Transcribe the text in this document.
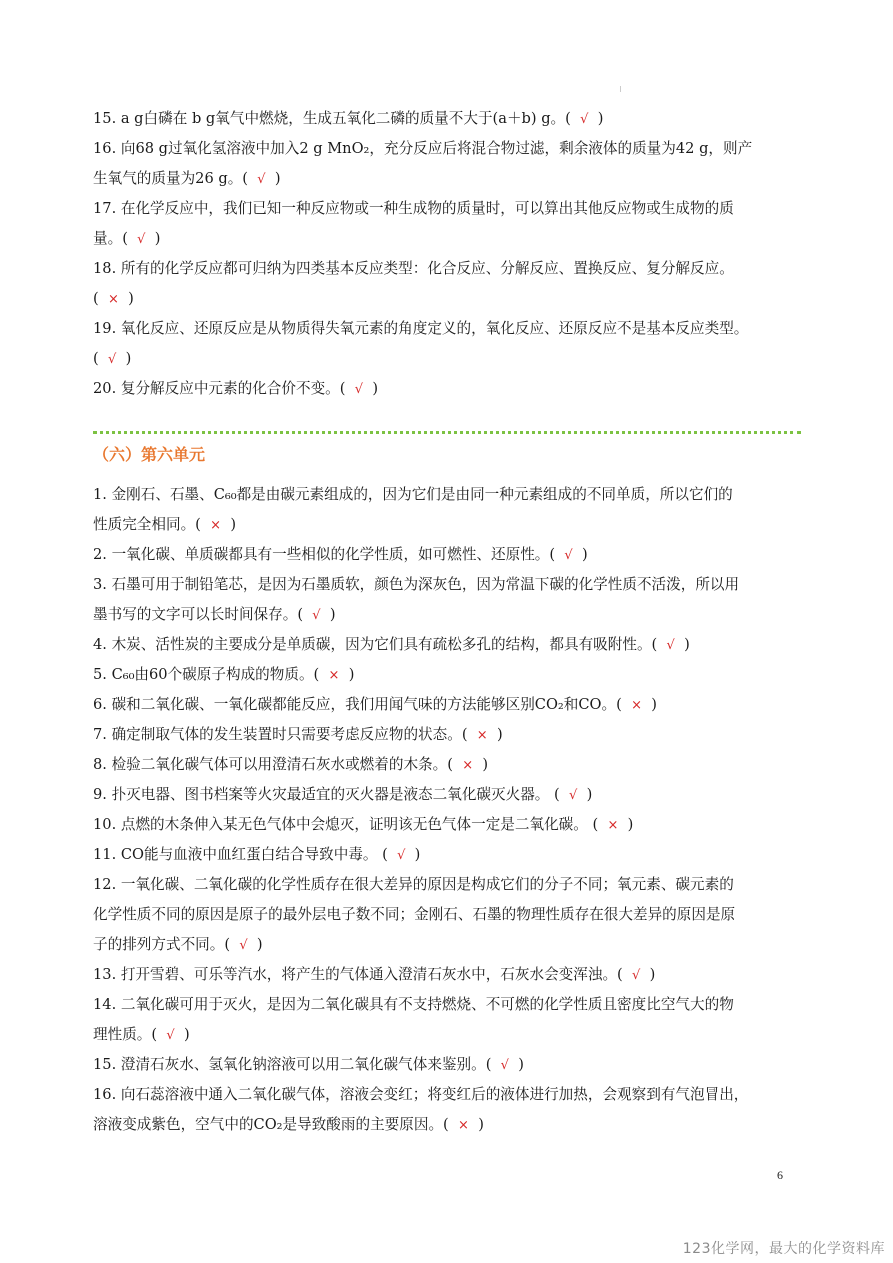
15. a g白磷在 b g氧气中燃烧，生成五氧化二磷的质量不大于(a＋b) g。( √ )
16. 向68 g过氧化氢溶液中加入2 g MnO₂，充分反应后将混合物过滤，剩余液体的质量为42 g，则产
生氧气的质量为26 g。( √ )
17. 在化学反应中，我们已知一种反应物或一种生成物的质量时，可以算出其他反应物或生成物的质
量。( √ )
18. 所有的化学反应都可归纳为四类基本反应类型：化合反应、分解反应、置换反应、复分解反应。
( × )
19. 氧化反应、还原反应是从物质得失氧元素的角度定义的，氧化反应、还原反应不是基本反应类型。
( √ )
20. 复分解反应中元素的化合价不变。( √ )
（六）第六单元
1. 金刚石、石墨、C₆₀都是由碳元素组成的，因为它们是由同一种元素组成的不同单质，所以它们的
性质完全相同。( × )
2. 一氧化碳、单质碳都具有一些相似的化学性质，如可燃性、还原性。( √ )
3. 石墨可用于制铅笔芯，是因为石墨质软，颜色为深灰色，因为常温下碳的化学性质不活泼，所以用
墨书写的文字可以长时间保存。( √ )
4. 木炭、活性炭的主要成分是单质碳，因为它们具有疏松多孔的结构，都具有吸附性。( √ )
5. C₆₀由60个碳原子构成的物质。( × )
6. 碳和二氧化碳、一氧化碳都能反应，我们用闻气味的方法能够区别CO₂和CO。( × )
7. 确定制取气体的发生装置时只需要考虑反应物的状态。( × )
8. 检验二氧化碳气体可以用澄清石灰水或燃着的木条。( × )
9. 扑灭电器、图书档案等火灾最适宜的灭火器是液态二氧化碳灭火器。 ( √ )
10. 点燃的木条伸入某无色气体中会熄灭，证明该无色气体一定是二氧化碳。 ( × )
11. CO能与血液中血红蛋白结合导致中毒。 ( √ )
12. 一氧化碳、二氧化碳的化学性质存在很大差异的原因是构成它们的分子不同；氧元素、碳元素的
化学性质不同的原因是原子的最外层电子数不同；金刚石、石墨的物理性质存在很大差异的原因是原
子的排列方式不同。( √ )
13. 打开雪碧、可乐等汽水，将产生的气体通入澄清石灰水中，石灰水会变浑浊。( √ )
14. 二氧化碳可用于灭火，是因为二氧化碳具有不支持燃烧、不可燃的化学性质且密度比空气大的物
理性质。( √ )
15. 澄清石灰水、氢氧化钠溶液可以用二氧化碳气体来鉴别。( √ )
16. 向石蕊溶液中通入二氧化碳气体，溶液会变红；将变红后的液体进行加热，会观察到有气泡冒出，
溶液变成紫色，空气中的CO₂是导致酸雨的主要原因。( × )
6
123化学网，最大的化学资料库
